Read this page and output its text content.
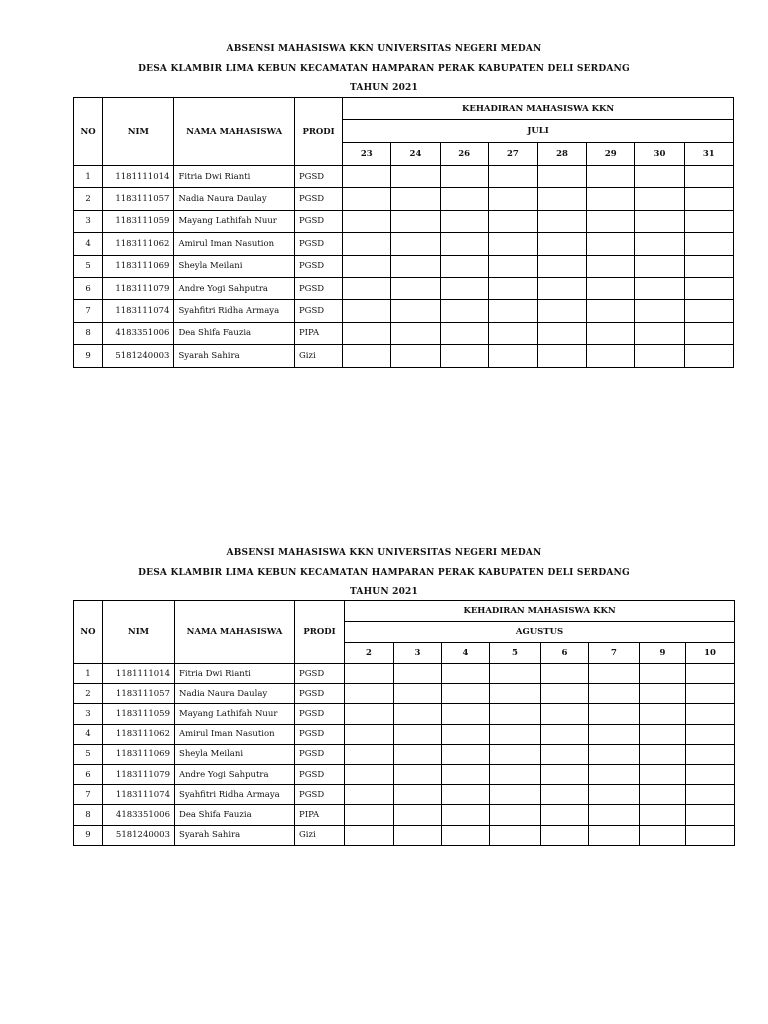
ABSENSI MAHASISWA KKN UNIVERSITAS NEGERI MEDAN
DESA KLAMBIR LIMA KEBUN KECAMATAN HAMPARAN PERAK KABUPATEN DELI SERDANG
TAHUN 2021
NO	NIM	NAMA MAHASISWA	PRODI	KEHADIRAN MAHASISWA KKN							
				JULI							
				23	24	26	27	28	29	30	31
1	1181111014	Fitria Dwi Rianti	PGSD								
2	1183111057	Nadia Naura Daulay	PGSD								
3	1183111059	Mayang Lathifah Nuur	PGSD								
4	1183111062	Amirul Iman Nasution	PGSD								
5	1183111069	Sheyla Meilani	PGSD								
6	1183111079	Andre Yogi Sahputra	PGSD								
7	1183111074	Syahfitri Ridha Armaya	PGSD								
8	4183351006	Dea Shifa Fauzia	PIPA								
9	5181240003	Syarah Sahira	Gizi								
ABSENSI MAHASISWA KKN UNIVERSITAS NEGERI MEDAN
DESA KLAMBIR LIMA KEBUN KECAMATAN HAMPARAN PERAK KABUPATEN DELI SERDANG
TAHUN 2021
NO	NIM	NAMA MAHASISWA	PRODI	KEHADIRAN MAHASISWA KKN							
				AGUSTUS							
				2	3	4	5	6	7	9	10
1	1181111014	Fitria Dwi Rianti	PGSD								
2	1183111057	Nadia Naura Daulay	PGSD								
3	1183111059	Mayang Lathifah Nuur	PGSD								
4	1183111062	Amirul Iman Nasution	PGSD								
5	1183111069	Sheyla Meilani	PGSD								
6	1183111079	Andre Yogi Sahputra	PGSD								
7	1183111074	Syahfitri Ridha Armaya	PGSD								
8	4183351006	Dea Shifa Fauzia	PIPA								
9	5181240003	Syarah Sahira	Gizi								
